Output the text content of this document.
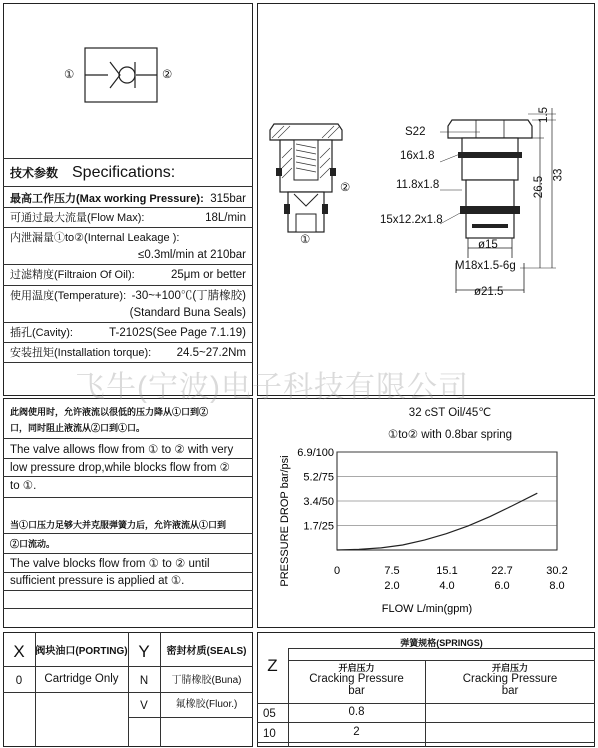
①	②
技术参数 Specifications:
最高工作压力(Max working Pressure): 315bar
可通过最大流量(Flow Max):	18L/min
内泄漏量①to②(Internal Leakage ):
≤0.3ml/min at 210bar
过滤精度(Filtraion Of Oil):	25μm or better
使用温度(Temperature): -30~+100℃(丁腈橡胶)
(Standard Buna Seals)
插孔(Cavity):	T-2102S(See Page 7.1.19)
安装扭矩(Installation torque): 24.5~27.2Nm
②
①
S22
16x1.8
11.8x1.8
15x12.2x1.8
ø15
M18x1.5-6g
ø21.5
1.5
26.5
33
飞牛(宁波)电子科技有限公司
此阀使用时，允许液流以很低的压力降从①口到②口，同时阻止液流从②口到①口。
The valve allows flow from ① to ② with very low pressure drop,while blocks flow from ② to ①.
当①口压力足够大并克服弹簧力后，允许液流从①口到②口流动。
The valve blocks flow from ① to ② until sufficient pressure is applied at ①.
32 cST Oil/45℃
①to② with 0.8bar spring
1.7/25
3.4/50
5.2/75
6.9/100
0	7.5	15.1	22.7	30.2
2.0	4.0	6.0	8.0
FLOW L/min(gpm)
PRESSURE DROP bar/psi
X	阀块油口(PORTING) Y	密封材质(SEALS)
0	Cartridge Only	N	丁腈橡胶(Buna)
V	氟橡胶(Fluor.)
Z
弹簧规格(SPRINGS)
开启压力
Cracking Pressure
bar
开启压力
Cracking Pressure
bar
05	0.8
10	2
